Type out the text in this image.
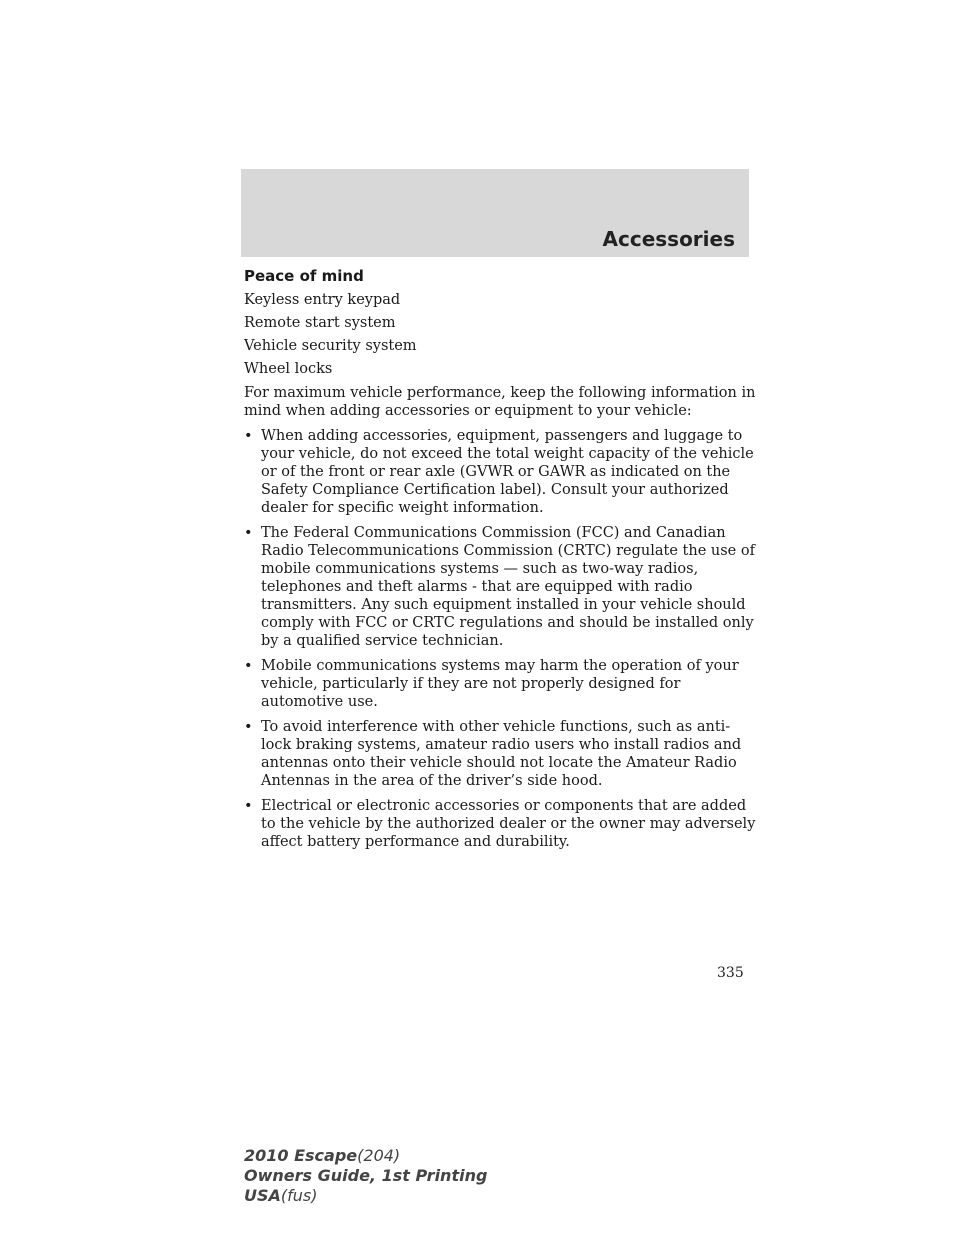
Accessories
Peace of mind

Keyless entry keypad

Remote start system

Vehicle security system

Wheel locks

For maximum vehicle performance, keep the following information in mind when adding accessories or equipment to your vehicle:

• When adding accessories, equipment, passengers and luggage to your vehicle, do not exceed the total weight capacity of the vehicle or of the front or rear axle (GVWR or GAWR as indicated on the Safety Compliance Certification label). Consult your authorized dealer for specific weight information.
• The Federal Communications Commission (FCC) and Canadian Radio Telecommunications Commission (CRTC) regulate the use of mobile communications systems — such as two-way radios, telephones and theft alarms - that are equipped with radio transmitters. Any such equipment installed in your vehicle should comply with FCC or CRTC regulations and should be installed only by a qualified service technician.
• Mobile communications systems may harm the operation of your vehicle, particularly if they are not properly designed for automotive use.
• To avoid interference with other vehicle functions, such as anti-lock braking systems, amateur radio users who install radios and antennas onto their vehicle should not locate the Amateur Radio Antennas in the area of the driver’s side hood.
• Electrical or electronic accessories or components that are added to the vehicle by the authorized dealer or the owner may adversely affect battery performance and durability.

335

2010 Escape(204)
Owners Guide, 1st Printing
USA(fus)
